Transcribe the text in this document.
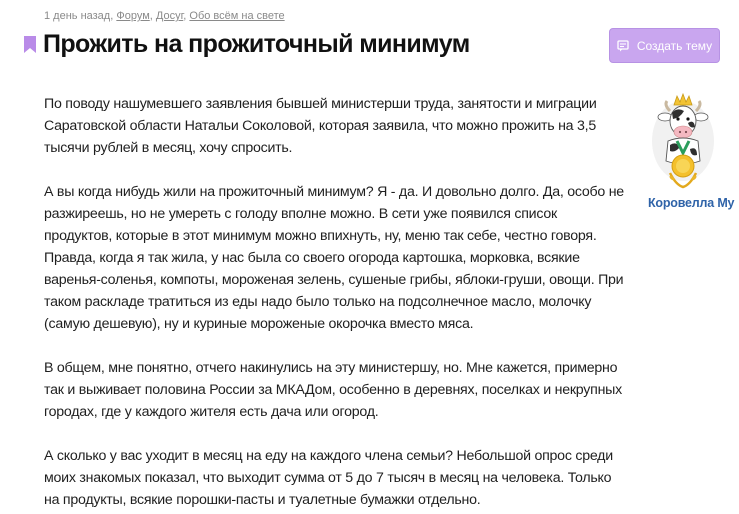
1 день назад, Форум, Досуг, Обо всём на свете
Прожить на прожиточный минимум	Создать тему

По поводу нашумевшего заявления бывшей министерши труда, занятости и миграции Саратовской области Натальи Соколовой, которая заявила, что можно прожить на 3,5 тысячи рублей в месяц, хочу спросить.

А вы когда нибудь жили на прожиточный минимум? Я - да. И довольно долго. Да, особо не разжиреешь, но не умереть с голоду вполне можно. В сети уже появился список продуктов, которые в этот минимум можно впихнуть, ну, меню так себе, честно говоря.

Правда, когда я так жила, у нас была со своего огорода картошка, морковка, всякие варенья-соленья, компоты, мороженая зелень, сушеные грибы, яблоки-груши, овощи. При таком раскладе тратиться из еды надо было только на подсолнечное масло, молочку (самую дешевую), ну и куриные мороженые окорочка вместо мяса.

В общем, мне понятно, отчего накинулись на эту министершу, но. Мне кажется, примерно так и выживает половина России за МКАДом, особенно в деревнях, поселках и некрупных городах, где у каждого жителя есть дача или огород.

А сколько у вас уходит в месяц на еду на каждого члена семьи? Небольшой опрос среди моих знакомых показал, что выходит сумма от 5 до 7 тысяч в месяц на человека. Только на продукты, всякие порошки-пасты и туалетные бумажки отдельно.

Коровелла Му
